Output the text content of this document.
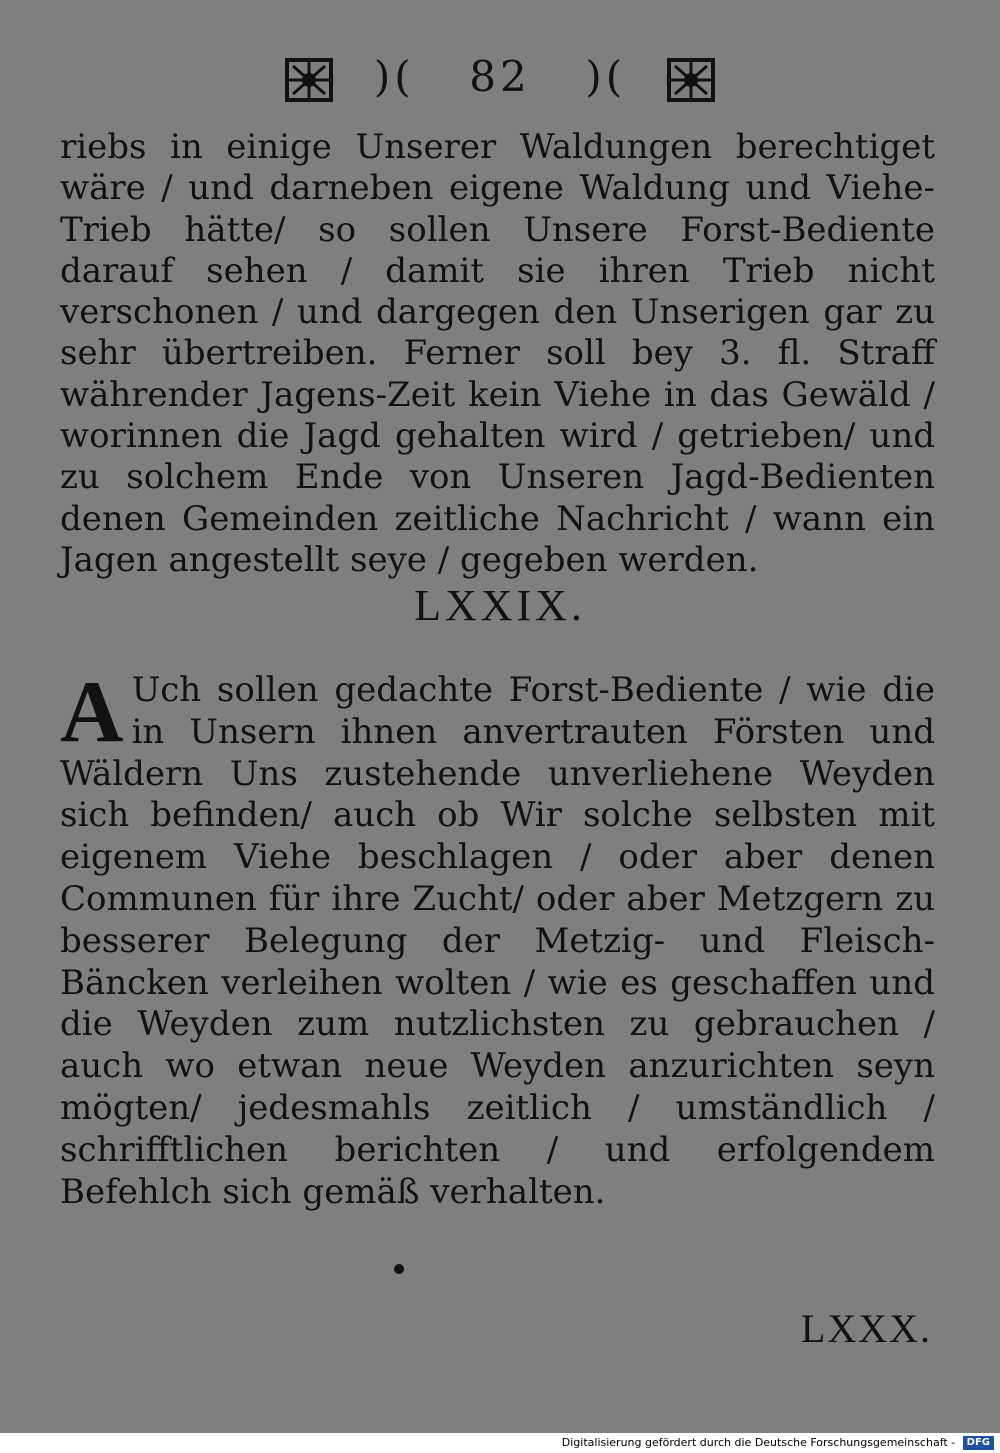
)( 82 )(
riebs in einige Unserer Waldungen berechtiget wäre / und darneben eigene Waldung und Viehe-Trieb hätte/ so sollen Unsere Forst-Bediente darauf sehen / damit sie ihren Trieb nicht verschonen / und dargegen den Unserigen gar zu sehr übertreiben. Ferner soll bey 3. fl. Straff währender Jagens-Zeit kein Viehe in das Gewäld / worinnen die Jagd gehalten wird / getrieben/ und zu solchem Ende von Unseren Jagd-Bedienten denen Gemeinden zeitliche Nachricht / wann ein Jagen angestellt seye / gegeben werden.
LXXIX.
A Uch sollen gedachte Forst-Bediente / wie die in Unsern ihnen anvertrauten Försten und Wäldern Uns zustehende unverliehene Weyden sich befinden/ auch ob Wir solche selbsten mit eigenem Viehe beschlagen / oder aber denen Communen für ihre Zucht/ oder aber Metzgern zu besserer Belegung der Metzig- und Fleisch-Bäncken verleihen wolten / wie es geschaffen und die Weyden zum nutzlichsten zu gebrauchen / auch wo etwan neue Weyden anzurichten seyn mögten/ jedesmahls zeitlich / umständlich / schrifftlichen berichten / und erfolgendem Befehlch sich gemäß verhalten.
LXXX.
Digitalisierung gefördert durch die Deutsche Forschungsgemeinschaft - DFG
